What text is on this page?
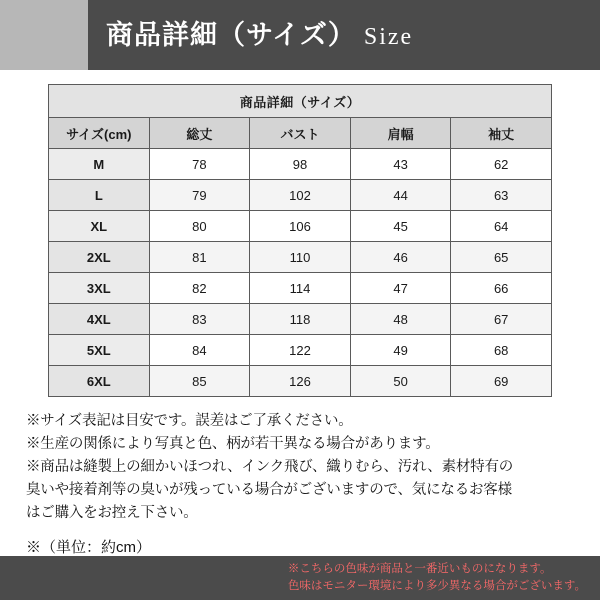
商品詳細（サイズ） Size
商品詳細（サイズ）				
サイズ(cm)	総丈	バスト	肩幅	袖丈
M	78	98	43	62
L	79	102	44	63
XL	80	106	45	64
2XL	81	110	46	65
3XL	82	114	47	66
4XL	83	118	48	67
5XL	84	122	49	68
6XL	85	126	50	69

※サイズ表記は目安です。誤差はご了承ください。

※生産の関係により写真と色、柄が若干異なる場合があります。

※商品は縫製上の細かいほつれ、インク飛び、織りむら、汚れ、素材特有の

臭いや接着剤等の臭いが残っている場合がございますので、気になるお客様

はご購入をお控え下さい。

※（単位：約cm）
※こちらの色味が商品と一番近いものになります。
色味はモニター環境により多少異なる場合がございます。
